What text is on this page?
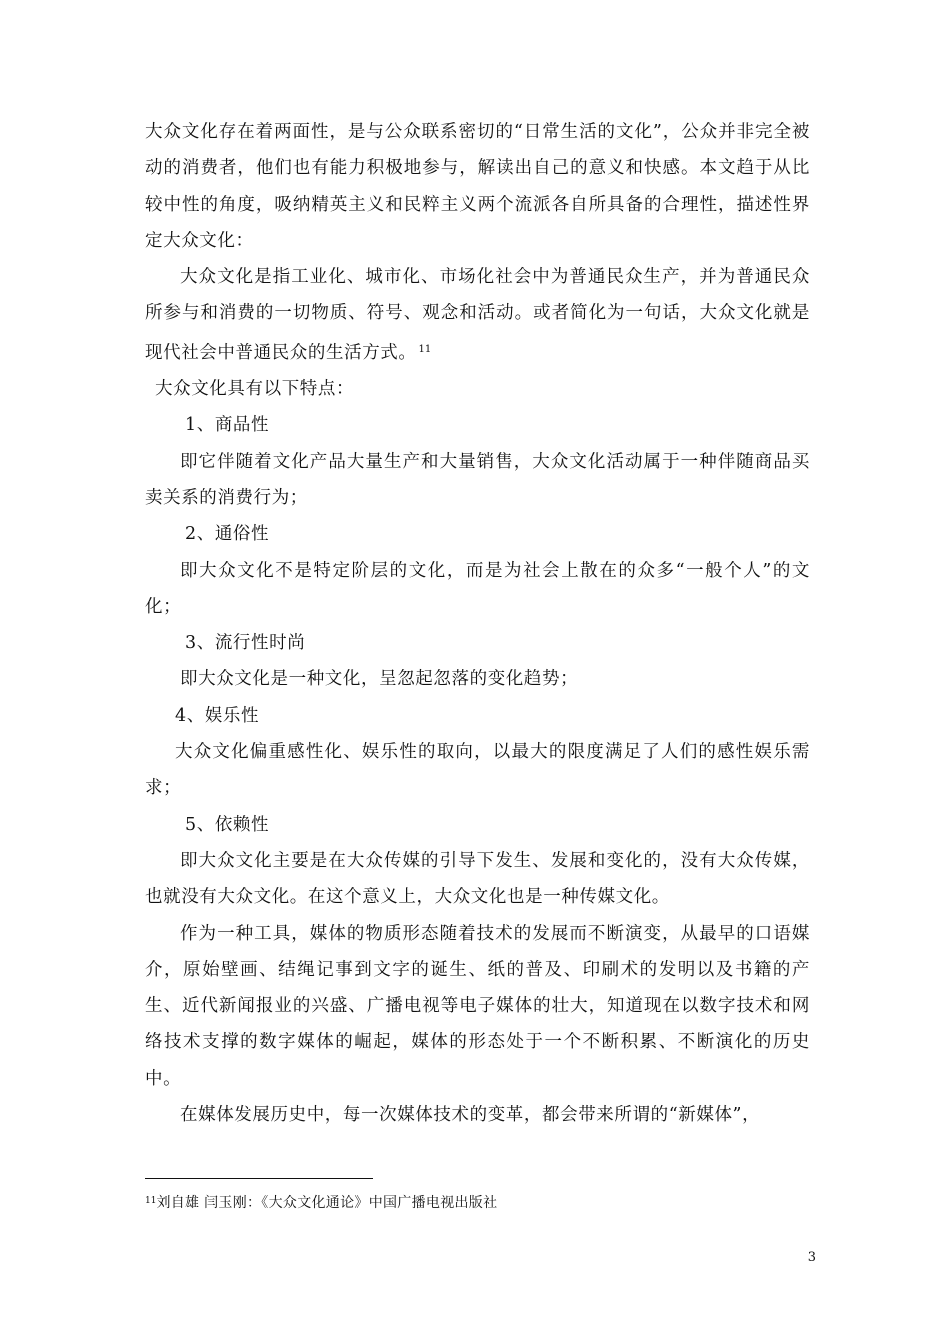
大众文化存在着两面性，是与公众联系密切的“日常生活的文化”，公众并非完全被动的消费者，他们也有能力积极地参与，解读出自己的意义和快感。本文趋于从比较中性的角度，吸纳精英主义和民粹主义两个流派各自所具备的合理性，描述性界定大众文化：

大众文化是指工业化、城市化、市场化社会中为普通民众生产，并为普通民众所参与和消费的一切物质、符号、观念和活动。或者简化为一句话，大众文化就是现代社会中普通民众的生活方式。 $^{11}$

大众文化具有以下特点：

1、商品性

即它伴随着文化产品大量生产和大量销售，大众文化活动属于一种伴随商品买卖关系的消费行为；

2、通俗性

即大众文化不是特定阶层的文化，而是为社会上散在的众多“一般个人”的文化；

3、流行性时尚

即大众文化是一种文化，呈忽起忽落的变化趋势；

4、娱乐性

大众文化偏重感性化、娱乐性的取向，以最大的限度满足了人们的感性娱乐需求；

5、依赖性

即大众文化主要是在大众传媒的引导下发生、发展和变化的，没有大众传媒，也就没有大众文化。在这个意义上，大众文化也是一种传媒文化。

作为一种工具，媒体的物质形态随着技术的发展而不断演变，从最早的口语媒介，原始壁画、结绳记事到文字的诞生、纸的普及、印刷术的发明以及书籍的产生、近代新闻报业的兴盛、广播电视等电子媒体的壮大，知道现在以数字技术和网络技术支撑的数字媒体的崛起，媒体的形态处于一个不断积累、不断演化的历史中。

在媒体发展历史中，每一次媒体技术的变革，都会带来所谓的“新媒体”，

$^{11}$刘自雄 闫玉刚：《大众文化通论》中国广播电视出版社
3
